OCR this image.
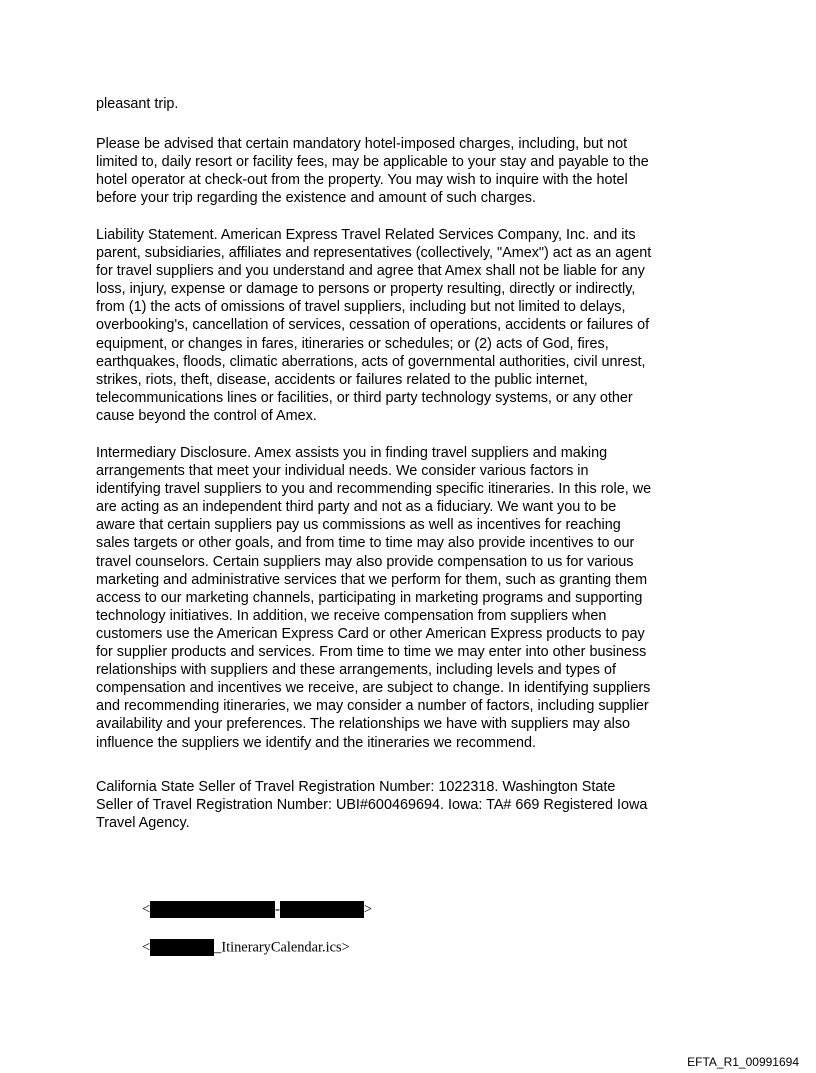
pleasant trip.

Please be advised that certain mandatory hotel-imposed charges, including, but not
limited to, daily resort or facility fees, may be applicable to your stay and payable to the
hotel operator at check-out from the property. You may wish to inquire with the hotel
before your trip regarding the existence and amount of such charges.

Liability Statement. American Express Travel Related Services Company, Inc. and its
parent, subsidiaries, affiliates and representatives (collectively, "Amex") act as an agent
for travel suppliers and you understand and agree that Amex shall not be liable for any
loss, injury, expense or damage to persons or property resulting, directly or indirectly,
from (1) the acts of omissions of travel suppliers, including but not limited to delays,
overbooking's, cancellation of services, cessation of operations, accidents or failures of
equipment, or changes in fares, itineraries or schedules; or (2) acts of God, fires,
earthquakes, floods, climatic aberrations, acts of governmental authorities, civil unrest,
strikes, riots, theft, disease, accidents or failures related to the public internet,
telecommunications lines or facilities, or third party technology systems, or any other
cause beyond the control of Amex.

Intermediary Disclosure. Amex assists you in finding travel suppliers and making
arrangements that meet your individual needs. We consider various factors in
identifying travel suppliers to you and recommending specific itineraries. In this role, we
are acting as an independent third party and not as a fiduciary. We want you to be
aware that certain suppliers pay us commissions as well as incentives for reaching
sales targets or other goals, and from time to time may also provide incentives to our
travel counselors. Certain suppliers may also provide compensation to us for various
marketing and administrative services that we perform for them, such as granting them
access to our marketing channels, participating in marketing programs and supporting
technology initiatives. In addition, we receive compensation from suppliers when
customers use the American Express Card or other American Express products to pay
for supplier products and services. From time to time we may enter into other business
relationships with suppliers and these arrangements, including levels and types of
compensation and incentives we receive, are subject to change. In identifying suppliers
and recommending itineraries, we may consider a number of factors, including supplier
availability and your preferences. The relationships we have with suppliers may also
influence the suppliers we identify and the itineraries we recommend.

California State Seller of Travel Registration Number: 1022318. Washington State
Seller of Travel Registration Number: UBI#600469694. Iowa: TA# 669 Registered Iowa
Travel Agency.

<	-	>
<	_ItineraryCalendar.ics>
EFTA_R1_00991694
